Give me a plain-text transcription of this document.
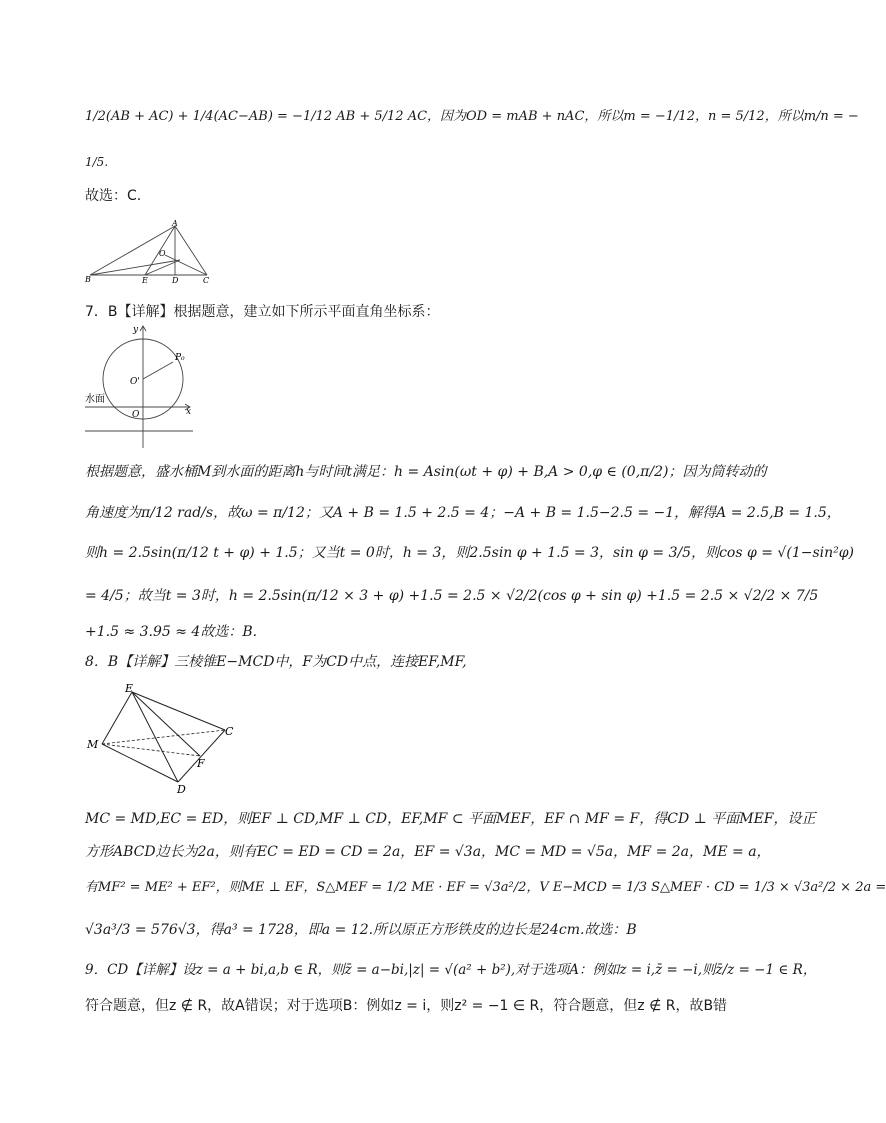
1/2(AB + AC) + 1/4(AC−AB) = −1/12 AB + 5/12 AC，因为OD = mAB + nAC，所以m = −1/12，n = 5/12，所以m/n = −
1/5.
故选：C.
A
B
O
E	D	C
7．B【详解】根据题意，建立如下所示平面直角坐标系：
y
P₀
O'
O	x
水面
根据题意，盛水桶M到水面的距离h与时间t满足：h = Asin(ωt + φ) + B,A > 0,φ ∈ (0,π/2)；因为筒转动的
角速度为π/12 rad/s，故ω = π/12；又A + B = 1.5 + 2.5 = 4；−A + B = 1.5−2.5 = −1，解得A = 2.5,B = 1.5，
则h = 2.5sin(π/12 t + φ) + 1.5；又当t = 0时，h = 3，则2.5sin φ + 1.5 = 3，sin φ = 3/5，则cos φ = √(1−sin²φ)
= 4/5；故当t = 3时，h = 2.5sin(π/12 × 3 + φ) +1.5 = 2.5 × √2/2(cos φ + sin φ) +1.5 = 2.5 × √2/2 × 7/5
+1.5 ≈ 3.95 ≈ 4故选：B.
8．B【详解】三棱锥E−MCD中，F为CD中点，连接EF,MF,
E
M
C
F
D
MC = MD,EC = ED，则EF ⊥ CD,MF ⊥ CD，EF,MF ⊂ 平面MEF，EF ∩ MF = F，得CD ⊥ 平面MEF，设正
方形ABCD边长为2a，则有EC = ED = CD = 2a，EF = √3a，MC = MD = √5a，MF = 2a，ME = a，
有MF² = ME² + EF²，则ME ⊥ EF，S△MEF = 1/2 ME · EF = √3a²/2，V E−MCD = 1/3 S△MEF · CD = 1/3 × √3a²/2 × 2a =
√3a³/3 = 576√3，得a³ = 1728，即a = 12.所以原正方形铁皮的边长是24cm.故选：B
9．CD【详解】设z = a + bi,a,b ∈ R，则z̄ = a−bi,|z| = √(a² + b²),对于选项A：例如z = i,z̄ = −i,则z̄/z = −1 ∈ R，
符合题意，但z ∉ R，故A错误；对于选项B：例如z = i，则z² = −1 ∈ R，符合题意，但z ∉ R，故B错
